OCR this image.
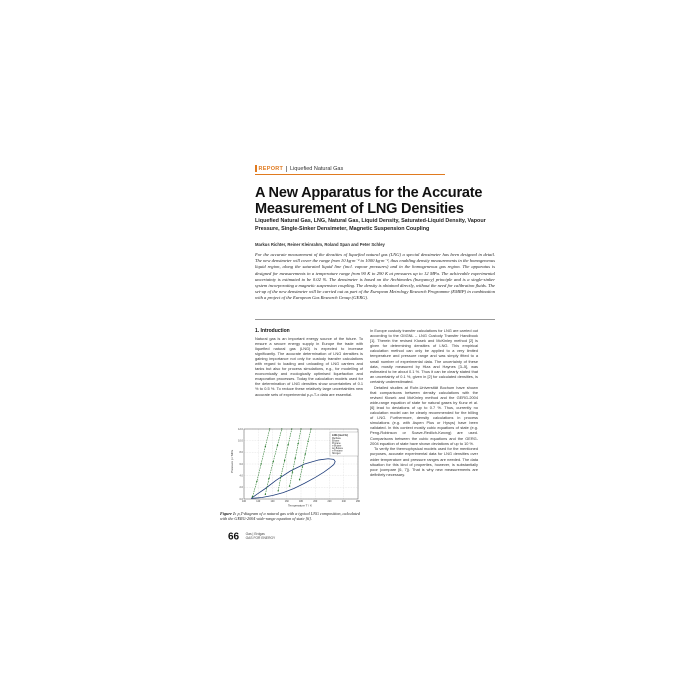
REPORT Liquefied Natural Gas
A New Apparatus for the Accurate Measurement of LNG Densities
Liquefied Natural Gas, LNG, Natural Gas, Liquid Density, Saturated-Liquid Density, Vapour Pressure, Single-Sinker Densimeter, Magnetic Suspension Coupling
Markus Richter, Reiner Kleinrahm, Roland Span and Peter Schley
For the accurate measurement of the densities of liquefied natural gas (LNG) a special densimeter has been designed in detail. The new densimeter will cover the range from 10 kg·m⁻³ to 1000 kg·m⁻³, thus enabling density measurements in the homogeneous liquid region, along the saturated liquid line (incl. vapour pressures) and in the homogeneous gas region. The apparatus is designed for measurements in a temperature range from 90 K to 290 K at pressures up to 12 MPa. The achievable experimental uncertainty is estimated to be 0.02 %. The densimeter is based on the Archimedes (buoyancy) principle and is a single-sinker system incorporating a magnetic suspension coupling. The density is obtained directly, without the need for calibration fluids. The set-up of the new densimeter will be carried out as part of the European Metrology Research Programme (EMRP) in combination with a project of the European Gas Research Group (GERG).
1. Introduction

Natural gas is an important energy source of the future. To ensure a secure energy supply in Europe the trade with liquefied natural gas (LNG) is expected to increase significantly. The accurate determination of LNG densities is gaining importance not only for custody transfer calculations with regard to loading and unloading of LNG carriers and tanks but also for process simulations, e.g., for modelling of economically and ecologically optimised liquefaction and evaporation processes. Today the calculation models used for the determination of LNG densities show uncertainties of 0.1 % to 0.5 %. To reduce these relatively large uncertainties new accurate sets of experimental p-ρ-T-x data are essential.

In Europe custody transfer calculations for LNG are carried out according to the GIIGNL – LNG Custody Transfer Handbook [1]. Therein the revised Klosek and McKinley method [2] is given for determining densities of LNG. This empirical calculation method can only be applied to a very limited temperature and pressure range and was simply fitted to a small number of experimental data. The uncertainty of these data, mostly measured by Hiza and Haynes [3–5], was estimated to be about 0.1 %. Thus it can be clearly stated that an uncertainty of 0.1 %, given in [2] for calculated densities, is certainly underestimated.

Detailed studies at Ruhr-Universität Bochum have shown that comparisons between density calculations with the revised Klosek and McKinley method and the GERG-2004 wide-range equation of state for natural gases by Kunz et al. [6] lead to deviations of up to 0.7 %. Thus, currently no calculation model can be clearly recommended for the billing of LNG. Furthermore, density calculations in process simulations (e.g. with Aspen Plus or Hysys) have been validated. In this context mostly cubic equations of state (e.g. Peng-Robinson or Soave-Redlich-Kwong) are used. Comparisons between the cubic equations and the GERG-2004 equation of state have shown deviations of up to 10 %.

To verify the thermophysical models used for the mentioned purposes, accurate experimental data for LNG densities over wider temperature and pressure ranges are needed. The data situation for this kind of properties, however, is substantially poor (compare [6, 7]). That is why new measurements are definitely necessary.

100	120	140	160	180	200	220	240	260
0.0
2.0
4.0
6.0
8.0
10.0
12.0
Pressure p / MPa
Temperature T / K
LNG (mol-%)
Methane
Ethane
Propane
n-Butane
iso-Butane
n-Pentane
Nitrogen
Figure 1: p,T-diagram of a natural gas with a typical LNG composition, calculated with the GERG-2004 wide-range equation of state [6].
66 Gas | Erdgas
GAS FOR ENERGY
